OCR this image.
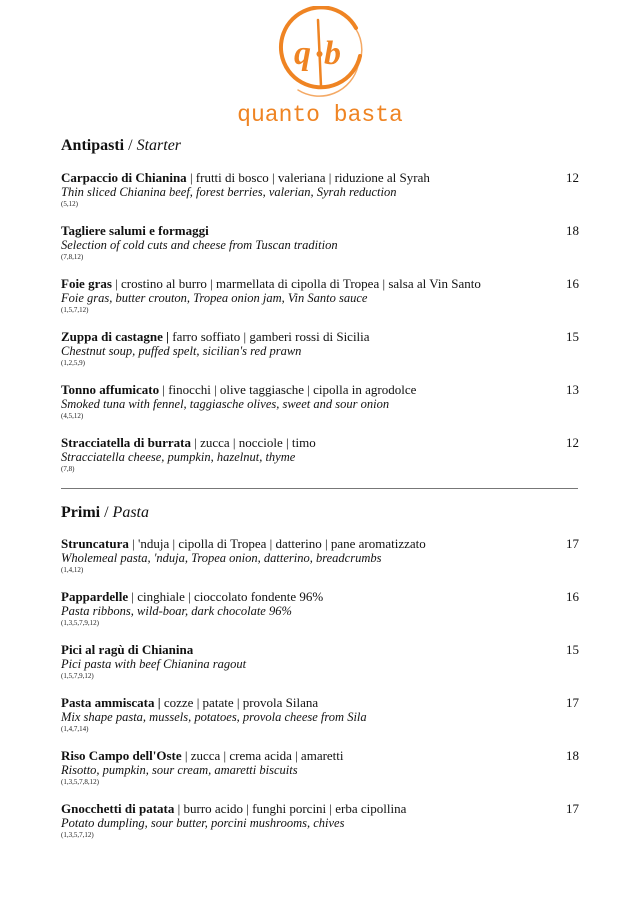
q b
quanto basta
Antipasti / Starter
Carpaccio di Chianina | frutti di bosco | valeriana | riduzione al Syrah
Thin sliced Chianina beef, forest berries, valerian, Syrah reduction
(5,12)
12
Tagliere salumi e formaggi
Selection of cold cuts and cheese from Tuscan tradition
(7,8,12)
18
Foie gras | crostino al burro | marmellata di cipolla di Tropea | salsa al Vin Santo
Foie gras, butter crouton, Tropea onion jam, Vin Santo sauce
(1,5,7,12)
16
Zuppa di castagne | farro soffiato | gamberi rossi di Sicilia
Chestnut soup, puffed spelt, sicilian's red prawn
(1,2,5,9)
15
Tonno affumicato | finocchi | olive taggiasche | cipolla in agrodolce
Smoked tuna with fennel, taggiasche olives, sweet and sour onion
(4,5,12)
13
Stracciatella di burrata | zucca | nocciole | timo
Stracciatella cheese, pumpkin, hazelnut, thyme
(7,8)
12
Primi / Pasta
Struncatura | 'nduja | cipolla di Tropea | datterino | pane aromatizzato
Wholemeal pasta, 'nduja, Tropea onion, datterino, breadcrumbs
(1,4,12)
17
Pappardelle | cinghiale | cioccolato fondente 96%
Pasta ribbons, wild-boar, dark chocolate 96%
(1,3,5,7,9,12)
16
Pici al ragù di Chianina
Pici pasta with beef Chianina ragout
(1,5,7,9,12)
15
Pasta ammiscata | cozze | patate | provola Silana
Mix shape pasta, mussels, potatoes, provola cheese from Sila
(1,4,7,14)
17
Riso Campo dell'Oste | zucca | crema acida | amaretti
Risotto, pumpkin, sour cream, amaretti biscuits
(1,3,5,7,8,12)
18
Gnocchetti di patata | burro acido | funghi porcini | erba cipollina
Potato dumpling, sour butter, porcini mushrooms, chives
(1,3,5,7,12)
17
